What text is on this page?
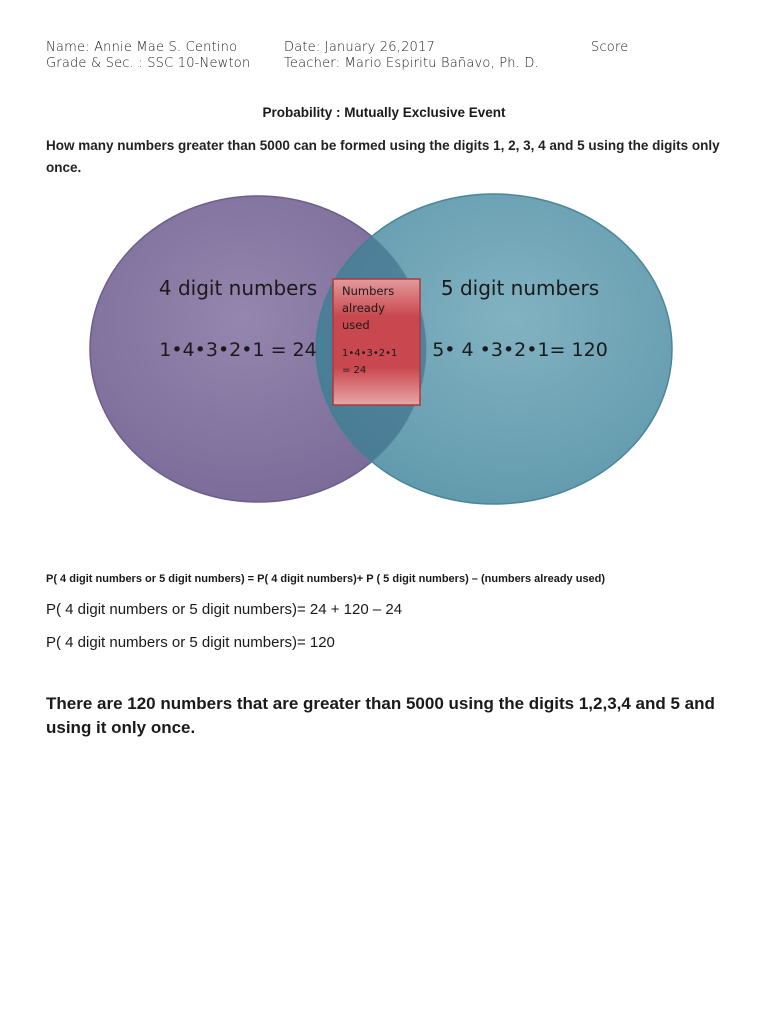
Name: Annie Mae S. Centino	Date: January 26,2017	Score
Grade & Sec. : SSC 10-Newton	Teacher: Mario Espiritu Bañavo, Ph. D.
Probability : Mutually Exclusive Event
How many numbers greater than 5000 can be formed using the digits 1, 2, 3, 4 and 5 using the digits only once.
4 digit numbers
1•4•3•2•1 = 24
5 digit numbers
5• 4 •3•2•1= 120
Numbers
already
used
1•4•3•2•1
= 24
P( 4 digit numbers or 5 digit numbers) = P( 4 digit numbers)+ P ( 5 digit numbers) – (numbers already used)
P( 4 digit numbers or 5 digit numbers)= 24 + 120 – 24
P( 4 digit numbers or 5 digit numbers)= 120
There are 120 numbers that are greater than 5000 using the digits 1,2,3,4 and 5 and using it only once.
